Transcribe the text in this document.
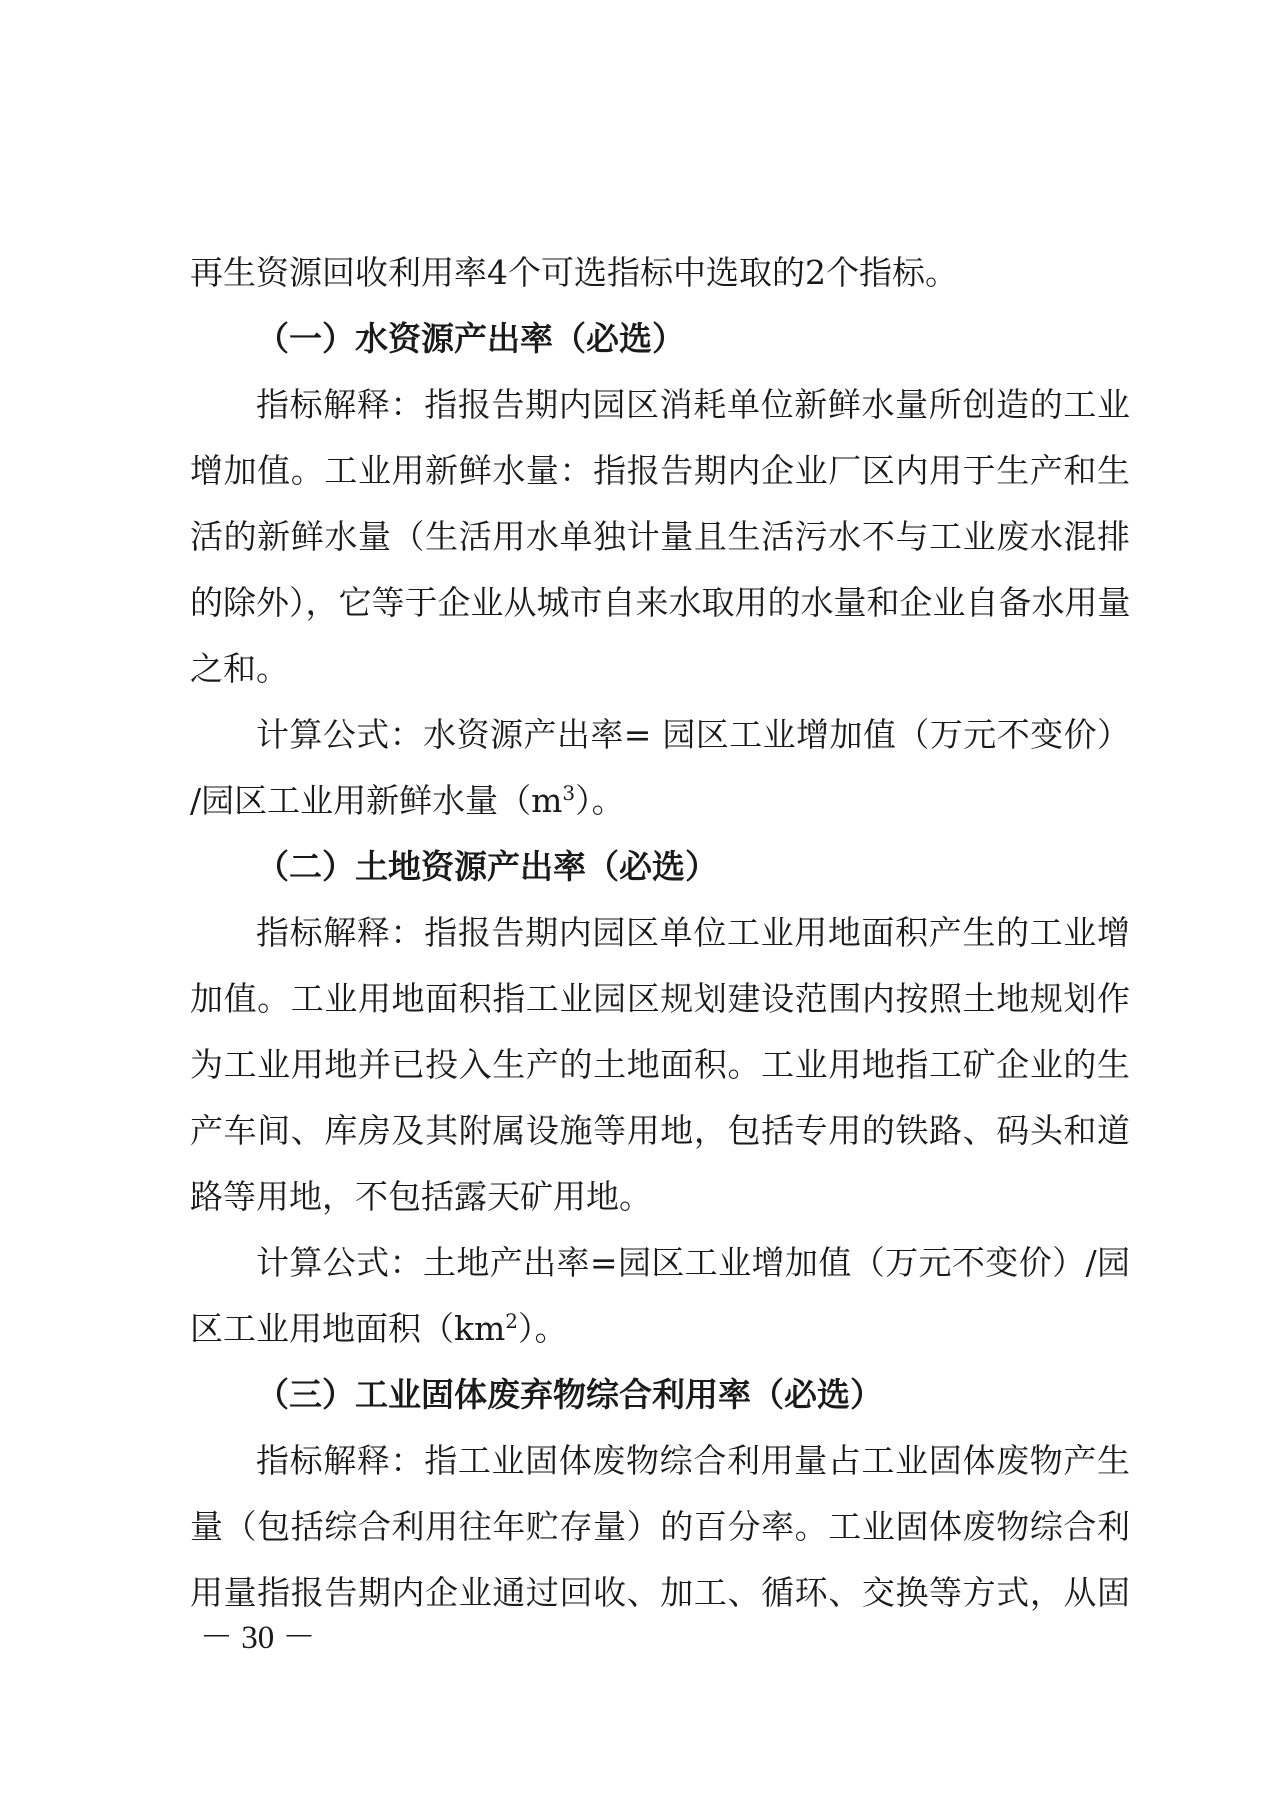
再生资源回收利用率4个可选指标中选取的2个指标。
（一）水资源产出率（必选）
指标解释：指报告期内园区消耗单位新鲜水量所创造的工业
增加值。工业用新鲜水量：指报告期内企业厂区内用于生产和生
活的新鲜水量（生活用水单独计量且生活污水不与工业废水混排
的除外），它等于企业从城市自来水取用的水量和企业自备水用量
之和。
计算公式：水资源产出率= 园区工业增加值（万元不变价）
/园区工业用新鲜水量$(m^3)$。
（二）土地资源产出率（必选）
指标解释：指报告期内园区单位工业用地面积产生的工业增
加值。工业用地面积指工业园区规划建设范围内按照土地规划作
为工业用地并已投入生产的土地面积。工业用地指工矿企业的生
产车间、库房及其附属设施等用地，包括专用的铁路、码头和道
路等用地，不包括露天矿用地。
计算公式：土地产出率=园区工业增加值（万元不变价）/园
区工业用地面积$(km^2)$。
（三）工业固体废弃物综合利用率（必选）
指标解释：指工业固体废物综合利用量占工业固体废物产生
量（包括综合利用往年贮存量）的百分率。工业固体废物综合利
用量指报告期内企业通过回收、加工、循环、交换等方式，从固
－ 30 －
